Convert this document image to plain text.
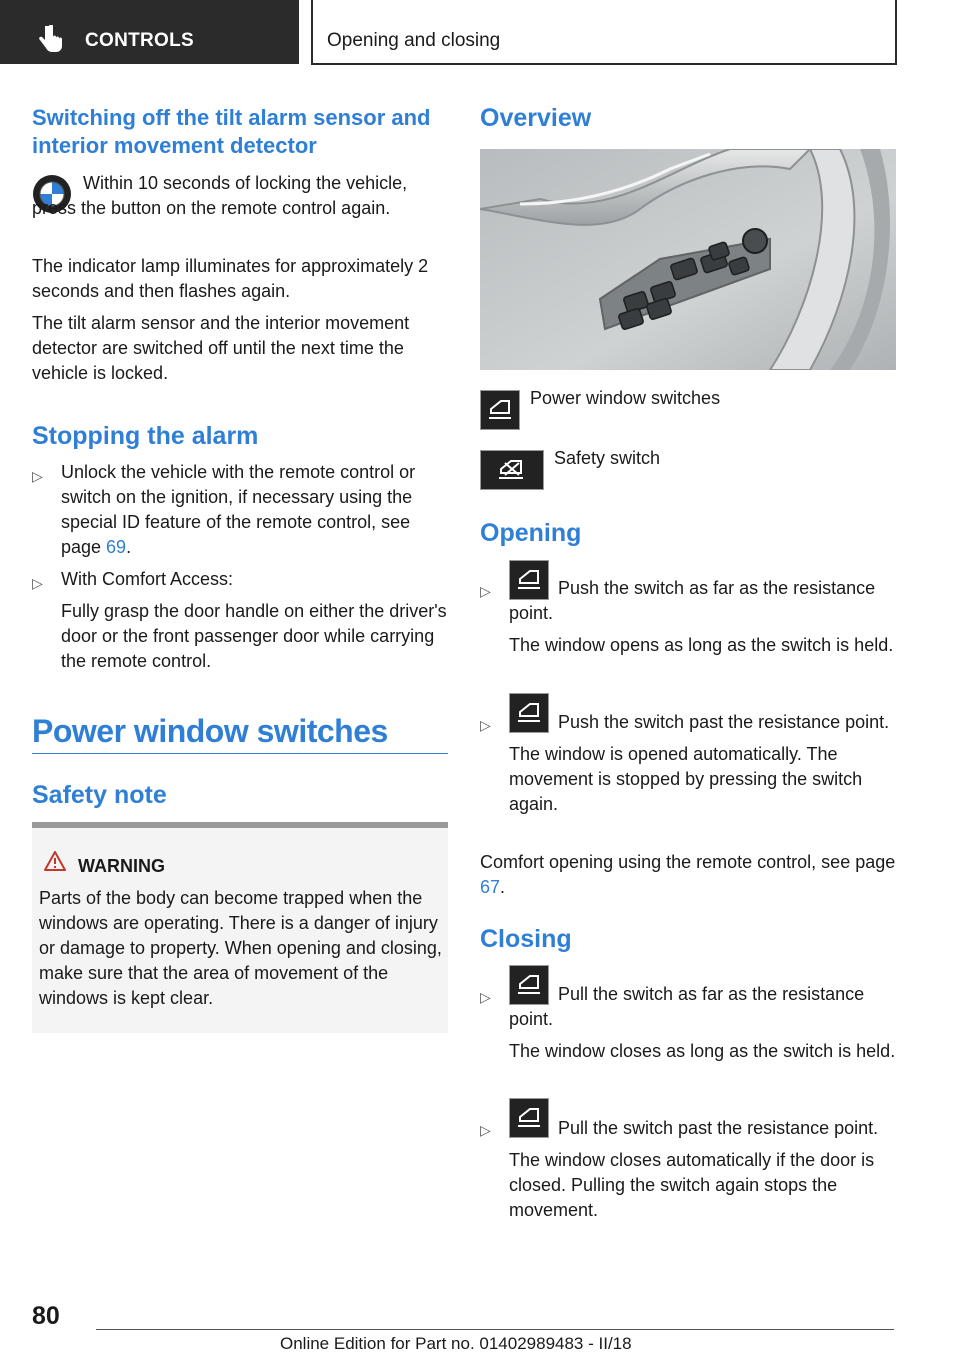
CONTROLS	Opening and closing
Switching off the tilt alarm sensor and interior movement detector
Within 10 seconds of locking the vehicle, press the button on the remote control again.
The indicator lamp illuminates for approximately 2 seconds and then flashes again.
The tilt alarm sensor and the interior movement detector are switched off until the next time the vehicle is locked.
Stopping the alarm
▷ Unlock the vehicle with the remote control or switch on the ignition, if necessary using the special ID feature of the remote control, see page 69.
▷ With Comfort Access:
Fully grasp the door handle on either the driver's door or the front passenger door while carrying the remote control.
Power window switches
Safety note
WARNING
Parts of the body can become trapped when the windows are operating. There is a danger of injury or damage to property. When opening and closing, make sure that the area of movement of the windows is kept clear.
Overview
Power window switches
Safety switch
Opening
▷	Push the switch as far as the resistance point.
The window opens as long as the switch is held.
▷	Push the switch past the resistance point.
The window is opened automatically. The movement is stopped by pressing the switch again.
Comfort opening using the remote control, see page 67.
Closing
▷	Pull the switch as far as the resistance point.
The window closes as long as the switch is held.
▷	Pull the switch past the resistance point.
The window closes automatically if the door is closed. Pulling the switch again stops the movement.
80
Online Edition for Part no. 01402989483 - II/18
